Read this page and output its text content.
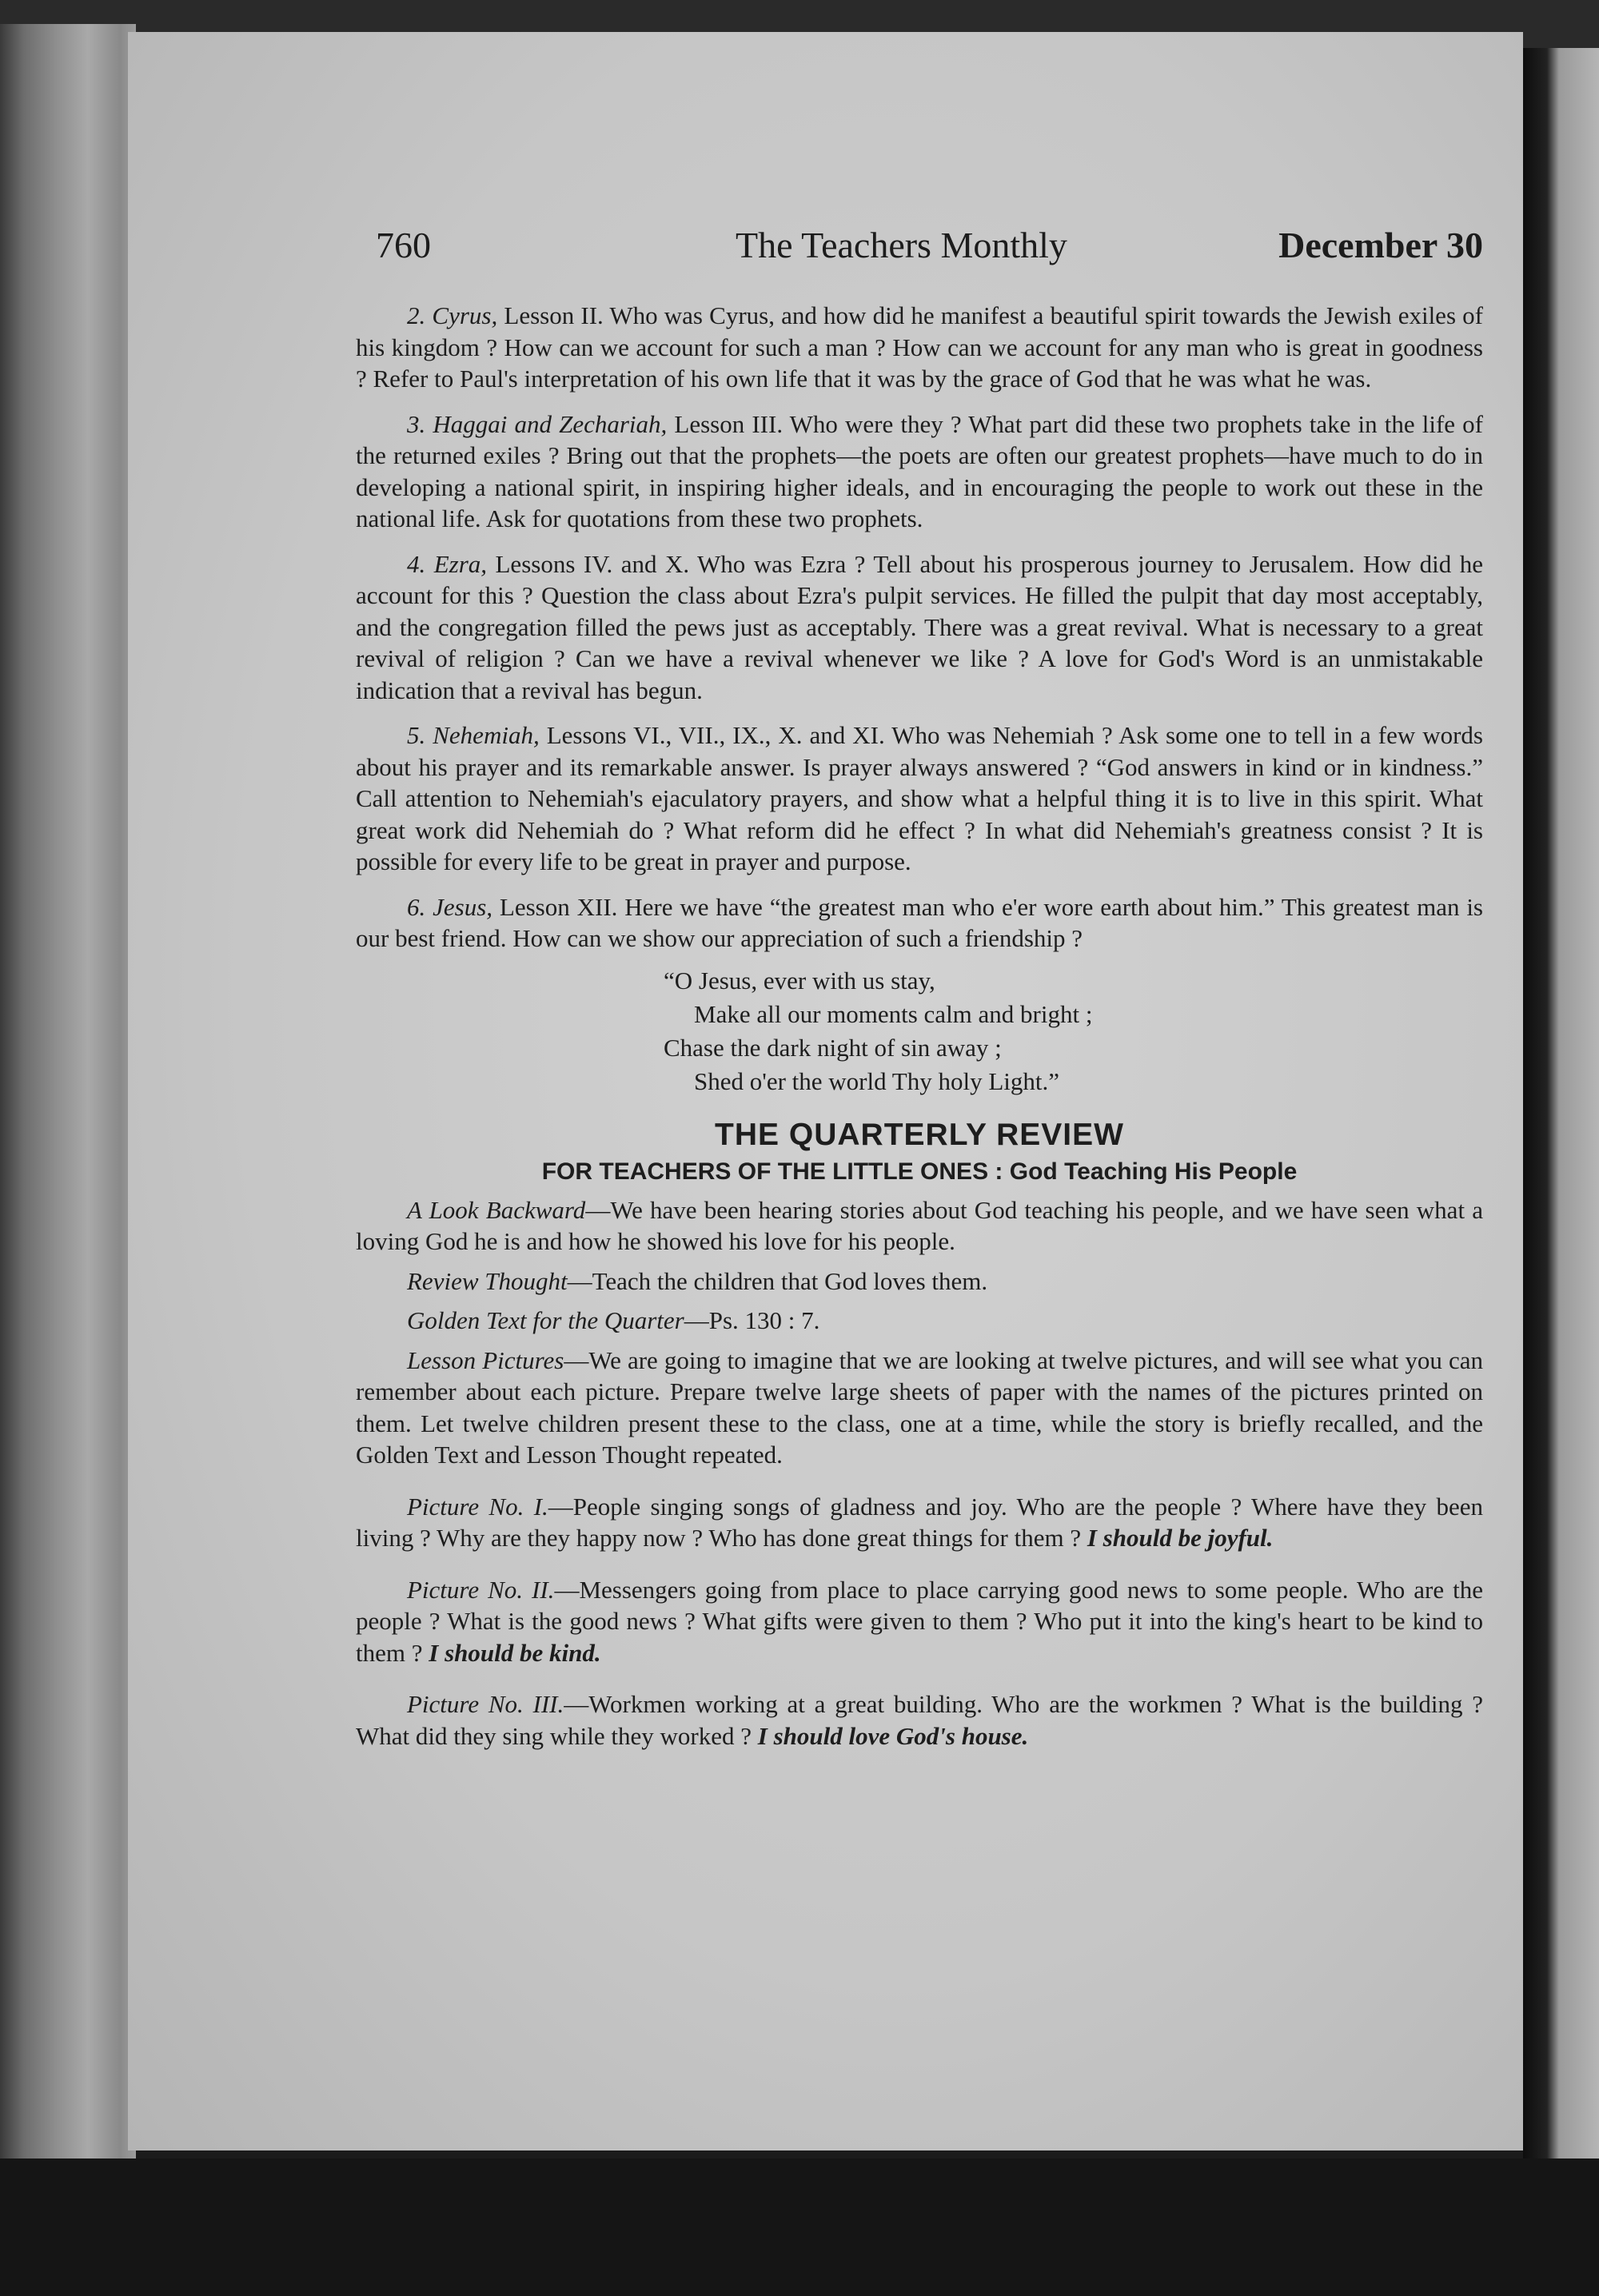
760	The Teachers Monthly	December 30

2. Cyrus, Lesson II. Who was Cyrus, and how did he manifest a beautiful spirit towards the Jewish exiles of his kingdom ? How can we account for such a man ? How can we account for any man who is great in goodness ? Refer to Paul's interpretation of his own life that it was by the grace of God that he was what he was.

3. Haggai and Zechariah, Lesson III. Who were they ? What part did these two prophets take in the life of the returned exiles ? Bring out that the prophets—the poets are often our greatest prophets—have much to do in developing a national spirit, in inspiring higher ideals, and in encouraging the people to work out these in the national life. Ask for quotations from these two prophets.

4. Ezra, Lessons IV. and X. Who was Ezra ? Tell about his prosperous journey to Jerusalem. How did he account for this ? Question the class about Ezra's pulpit services. He filled the pulpit that day most acceptably, and the congregation filled the pews just as acceptably. There was a great revival. What is necessary to a great revival of religion ? Can we have a revival whenever we like ? A love for God's Word is an unmistakable indication that a revival has begun.

5. Nehemiah, Lessons VI., VII., IX., X. and XI. Who was Nehemiah ? Ask some one to tell in a few words about his prayer and its remarkable answer. Is prayer always answered ? “God answers in kind or in kindness.” Call attention to Nehemiah's ejaculatory prayers, and show what a helpful thing it is to live in this spirit. What great work did Nehemiah do ? What reform did he effect ? In what did Nehemiah's greatness consist ? It is possible for every life to be great in prayer and purpose.

6. Jesus, Lesson XII. Here we have “the greatest man who e'er wore earth about him.” This greatest man is our best friend. How can we show our appreciation of such a friendship ?

“O Jesus, ever with us stay,
Make all our moments calm and bright ;
Chase the dark night of sin away ;
Shed o'er the world Thy holy Light.”
THE QUARTERLY REVIEW
FOR TEACHERS OF THE LITTLE ONES : God Teaching His People

A Look Backward—We have been hearing stories about God teaching his people, and we have seen what a loving God he is and how he showed his love for his people.

Review Thought—Teach the children that God loves them.

Golden Text for the Quarter—Ps. 130 : 7.

Lesson Pictures—We are going to imagine that we are looking at twelve pictures, and will see what you can remember about each picture. Prepare twelve large sheets of paper with the names of the pictures printed on them. Let twelve children present these to the class, one at a time, while the story is briefly recalled, and the Golden Text and Lesson Thought repeated.

Picture No. I.—People singing songs of gladness and joy. Who are the people ? Where have they been living ? Why are they happy now ? Who has done great things for them ? I should be joyful.

Picture No. II.—Messengers going from place to place carrying good news to some people. Who are the people ? What is the good news ? What gifts were given to them ? Who put it into the king's heart to be kind to them ? I should be kind.

Picture No. III.—Workmen working at a great building. Who are the workmen ? What is the building ? What did they sing while they worked ? I should love God's house.
